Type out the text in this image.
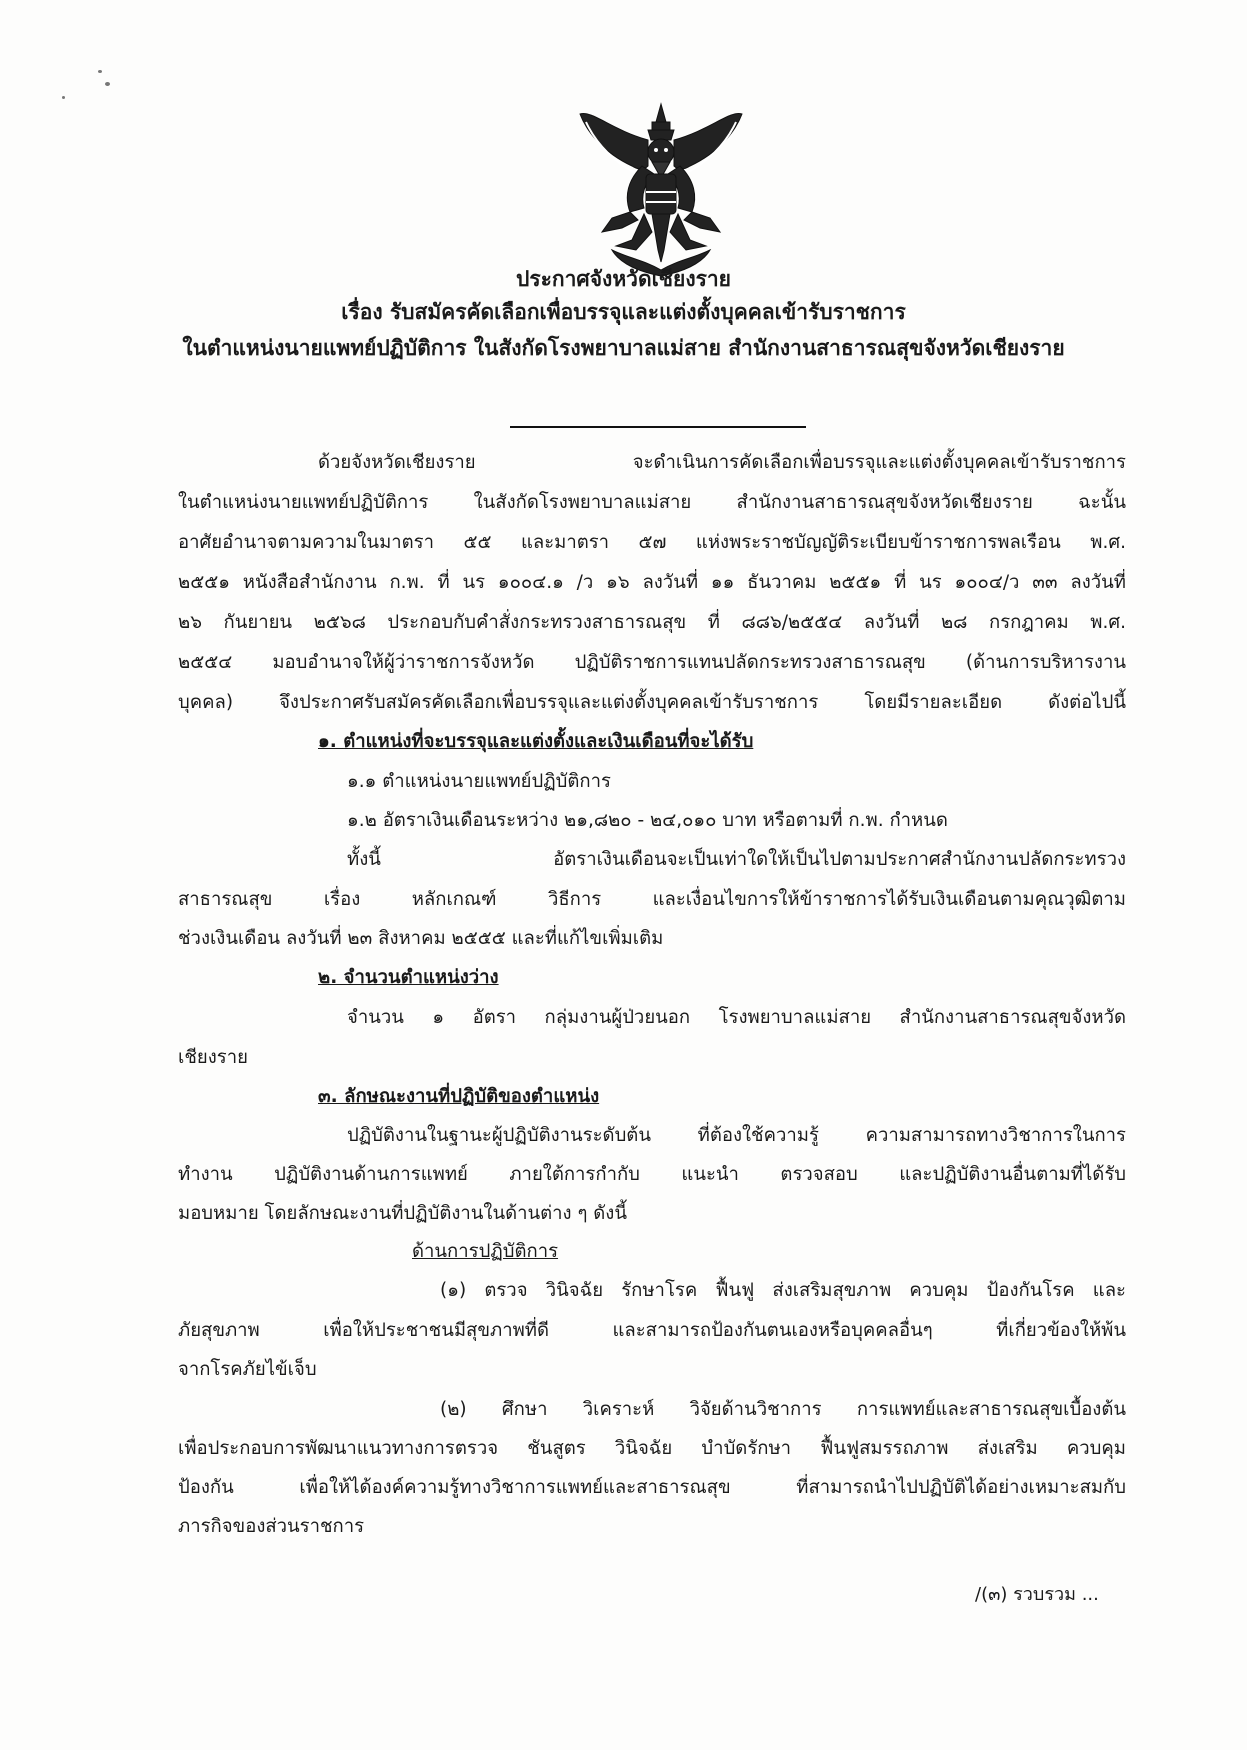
ประกาศจังหวัดเชียงราย
เรื่อง รับสมัครคัดเลือกเพื่อบรรจุและแต่งตั้งบุคคลเข้ารับราชการ
ในตำแหน่งนายแพทย์ปฏิบัติการ ในสังกัดโรงพยาบาลแม่สาย สำนักงานสาธารณสุขจังหวัดเชียงราย
ด้วยจังหวัดเชียงราย จะดำเนินการคัดเลือกเพื่อบรรจุและแต่งตั้งบุคคลเข้ารับราชการ
ในตำแหน่งนายแพทย์ปฏิบัติการ ในสังกัดโรงพยาบาลแม่สาย สำนักงานสาธารณสุขจังหวัดเชียงราย ฉะนั้น
อาศัยอำนาจตามความในมาตรา ๕๕ และมาตรา ๕๗ แห่งพระราชบัญญัติระเบียบข้าราชการพลเรือน พ.ศ.
๒๕๕๑ หนังสือสำนักงาน ก.พ. ที่ นร ๑๐๐๔.๑ /ว ๑๖ ลงวันที่ ๑๑ ธันวาคม ๒๕๕๑ ที่ นร ๑๐๐๔/ว ๓๓ ลงวันที่
๒๖ กันยายน ๒๕๖๘ ประกอบกับคำสั่งกระทรวงสาธารณสุข ที่ ๘๘๖/๒๕๕๔ ลงวันที่ ๒๘ กรกฎาคม พ.ศ.
๒๕๕๔ มอบอำนาจให้ผู้ว่าราชการจังหวัด ปฏิบัติราชการแทนปลัดกระทรวงสาธารณสุข (ด้านการบริหารงาน
บุคคล) จึงประกาศรับสมัครคัดเลือกเพื่อบรรจุและแต่งตั้งบุคคลเข้ารับราชการ โดยมีรายละเอียด ดังต่อไปนี้
๑. ตำแหน่งที่จะบรรจุและแต่งตั้งและเงินเดือนที่จะได้รับ
๑.๑ ตำแหน่งนายแพทย์ปฏิบัติการ
๑.๒ อัตราเงินเดือนระหว่าง ๒๑,๘๒๐ - ๒๔,๐๑๐ บาท หรือตามที่ ก.พ. กำหนด
ทั้งนี้ อัตราเงินเดือนจะเป็นเท่าใดให้เป็นไปตามประกาศสำนักงานปลัดกระทรวง
สาธารณสุข เรื่อง หลักเกณฑ์ วิธีการ และเงื่อนไขการให้ข้าราชการได้รับเงินเดือนตามคุณวุฒิตาม
ช่วงเงินเดือน ลงวันที่ ๒๓ สิงหาคม ๒๕๕๕ และที่แก้ไขเพิ่มเติม
๒. จำนวนตำแหน่งว่าง
จำนวน ๑ อัตรา กลุ่มงานผู้ป่วยนอก โรงพยาบาลแม่สาย สำนักงานสาธารณสุขจังหวัด
เชียงราย
๓. ลักษณะงานที่ปฏิบัติของตำแหน่ง
ปฏิบัติงานในฐานะผู้ปฏิบัติงานระดับต้น ที่ต้องใช้ความรู้ ความสามารถทางวิชาการในการ
ทำงาน ปฏิบัติงานด้านการแพทย์ ภายใต้การกำกับ แนะนำ ตรวจสอบ และปฏิบัติงานอื่นตามที่ได้รับ
มอบหมาย โดยลักษณะงานที่ปฏิบัติงานในด้านต่าง ๆ ดังนี้
ด้านการปฏิบัติการ
(๑) ตรวจ วินิจฉัย รักษาโรค ฟื้นฟู ส่งเสริมสุขภาพ ควบคุม ป้องกันโรค และ
ภัยสุขภาพ เพื่อให้ประชาชนมีสุขภาพที่ดี และสามารถป้องกันตนเองหรือบุคคลอื่นๆ ที่เกี่ยวข้องให้พ้น
จากโรคภัยไข้เจ็บ
(๒) ศึกษา วิเคราะห์ วิจัยด้านวิชาการ การแพทย์และสาธารณสุขเบื้องต้น
เพื่อประกอบการพัฒนาแนวทางการตรวจ ชันสูตร วินิจฉัย บำบัดรักษา ฟื้นฟูสมรรถภาพ ส่งเสริม ควบคุม
ป้องกัน เพื่อให้ได้องค์ความรู้ทางวิชาการแพทย์และสาธารณสุข ที่สามารถนำไปปฏิบัติได้อย่างเหมาะสมกับ
ภารกิจของส่วนราชการ
/(๓) รวบรวม ...
